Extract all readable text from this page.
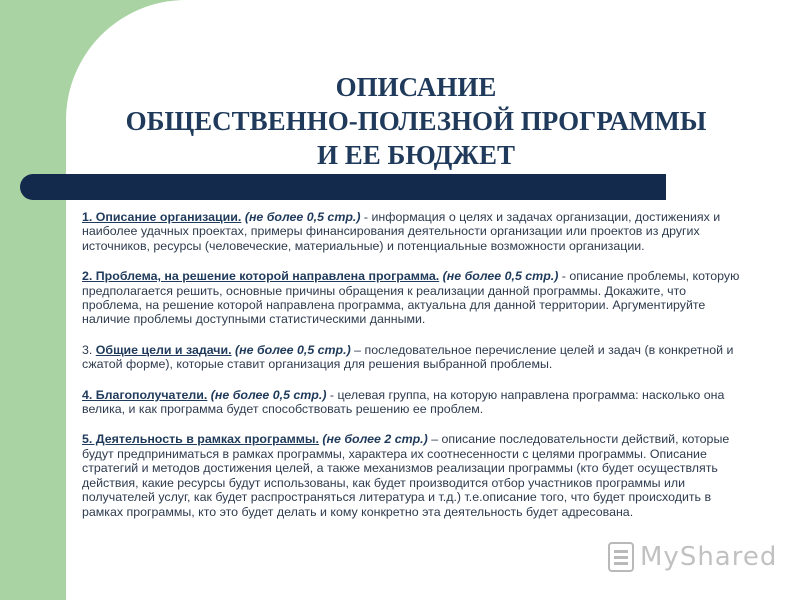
ОПИСАНИЕ
ОБЩЕСТВЕННО-ПОЛЕЗНОЙ ПРОГРАММЫ
И ЕЕ БЮДЖЕТ
1. Описание организации. (не более 0,5 стр.) - информация о целях и задачах организации, достижениях и наиболее удачных проектах, примеры финансирования деятельности организации или проектов из других источников, ресурсы (человеческие, материальные) и потенциальные возможности организации.
2. Проблема, на решение которой направлена программа. (не более 0,5 стр.) - описание проблемы, которую предполагается решить, основные причины обращения к реализации данной программы. Докажите, что проблема, на решение которой направлена программа, актуальна для данной территории. Аргументируйте наличие проблемы доступными статистическими данными.
3. Общие цели и задачи. (не более 0,5 стр.) – последовательное перечисление целей и задач (в конкретной и сжатой форме), которые ставит организация для решения выбранной проблемы.
4. Благополучатели. (не более 0,5 стр.) - целевая группа, на которую направлена программа: насколько она велика, и как программа будет способствовать решению ее проблем.
5. Деятельность в рамках программы. (не более 2 стр.) – описание последовательности действий, которые будут предприниматься в рамках программы, характера их соотнесенности с целями программы. Описание стратегий и методов достижения целей, а также механизмов реализации программы (кто будет осуществлять действия, какие ресурсы будут использованы, как будет производится отбор участников программы или получателей услуг, как будет распространяться литература и т.д.) т.е.описание того, что будет происходить в рамках программы, кто это будет делать и кому конкретно эта деятельность будет адресована.
MyShared
